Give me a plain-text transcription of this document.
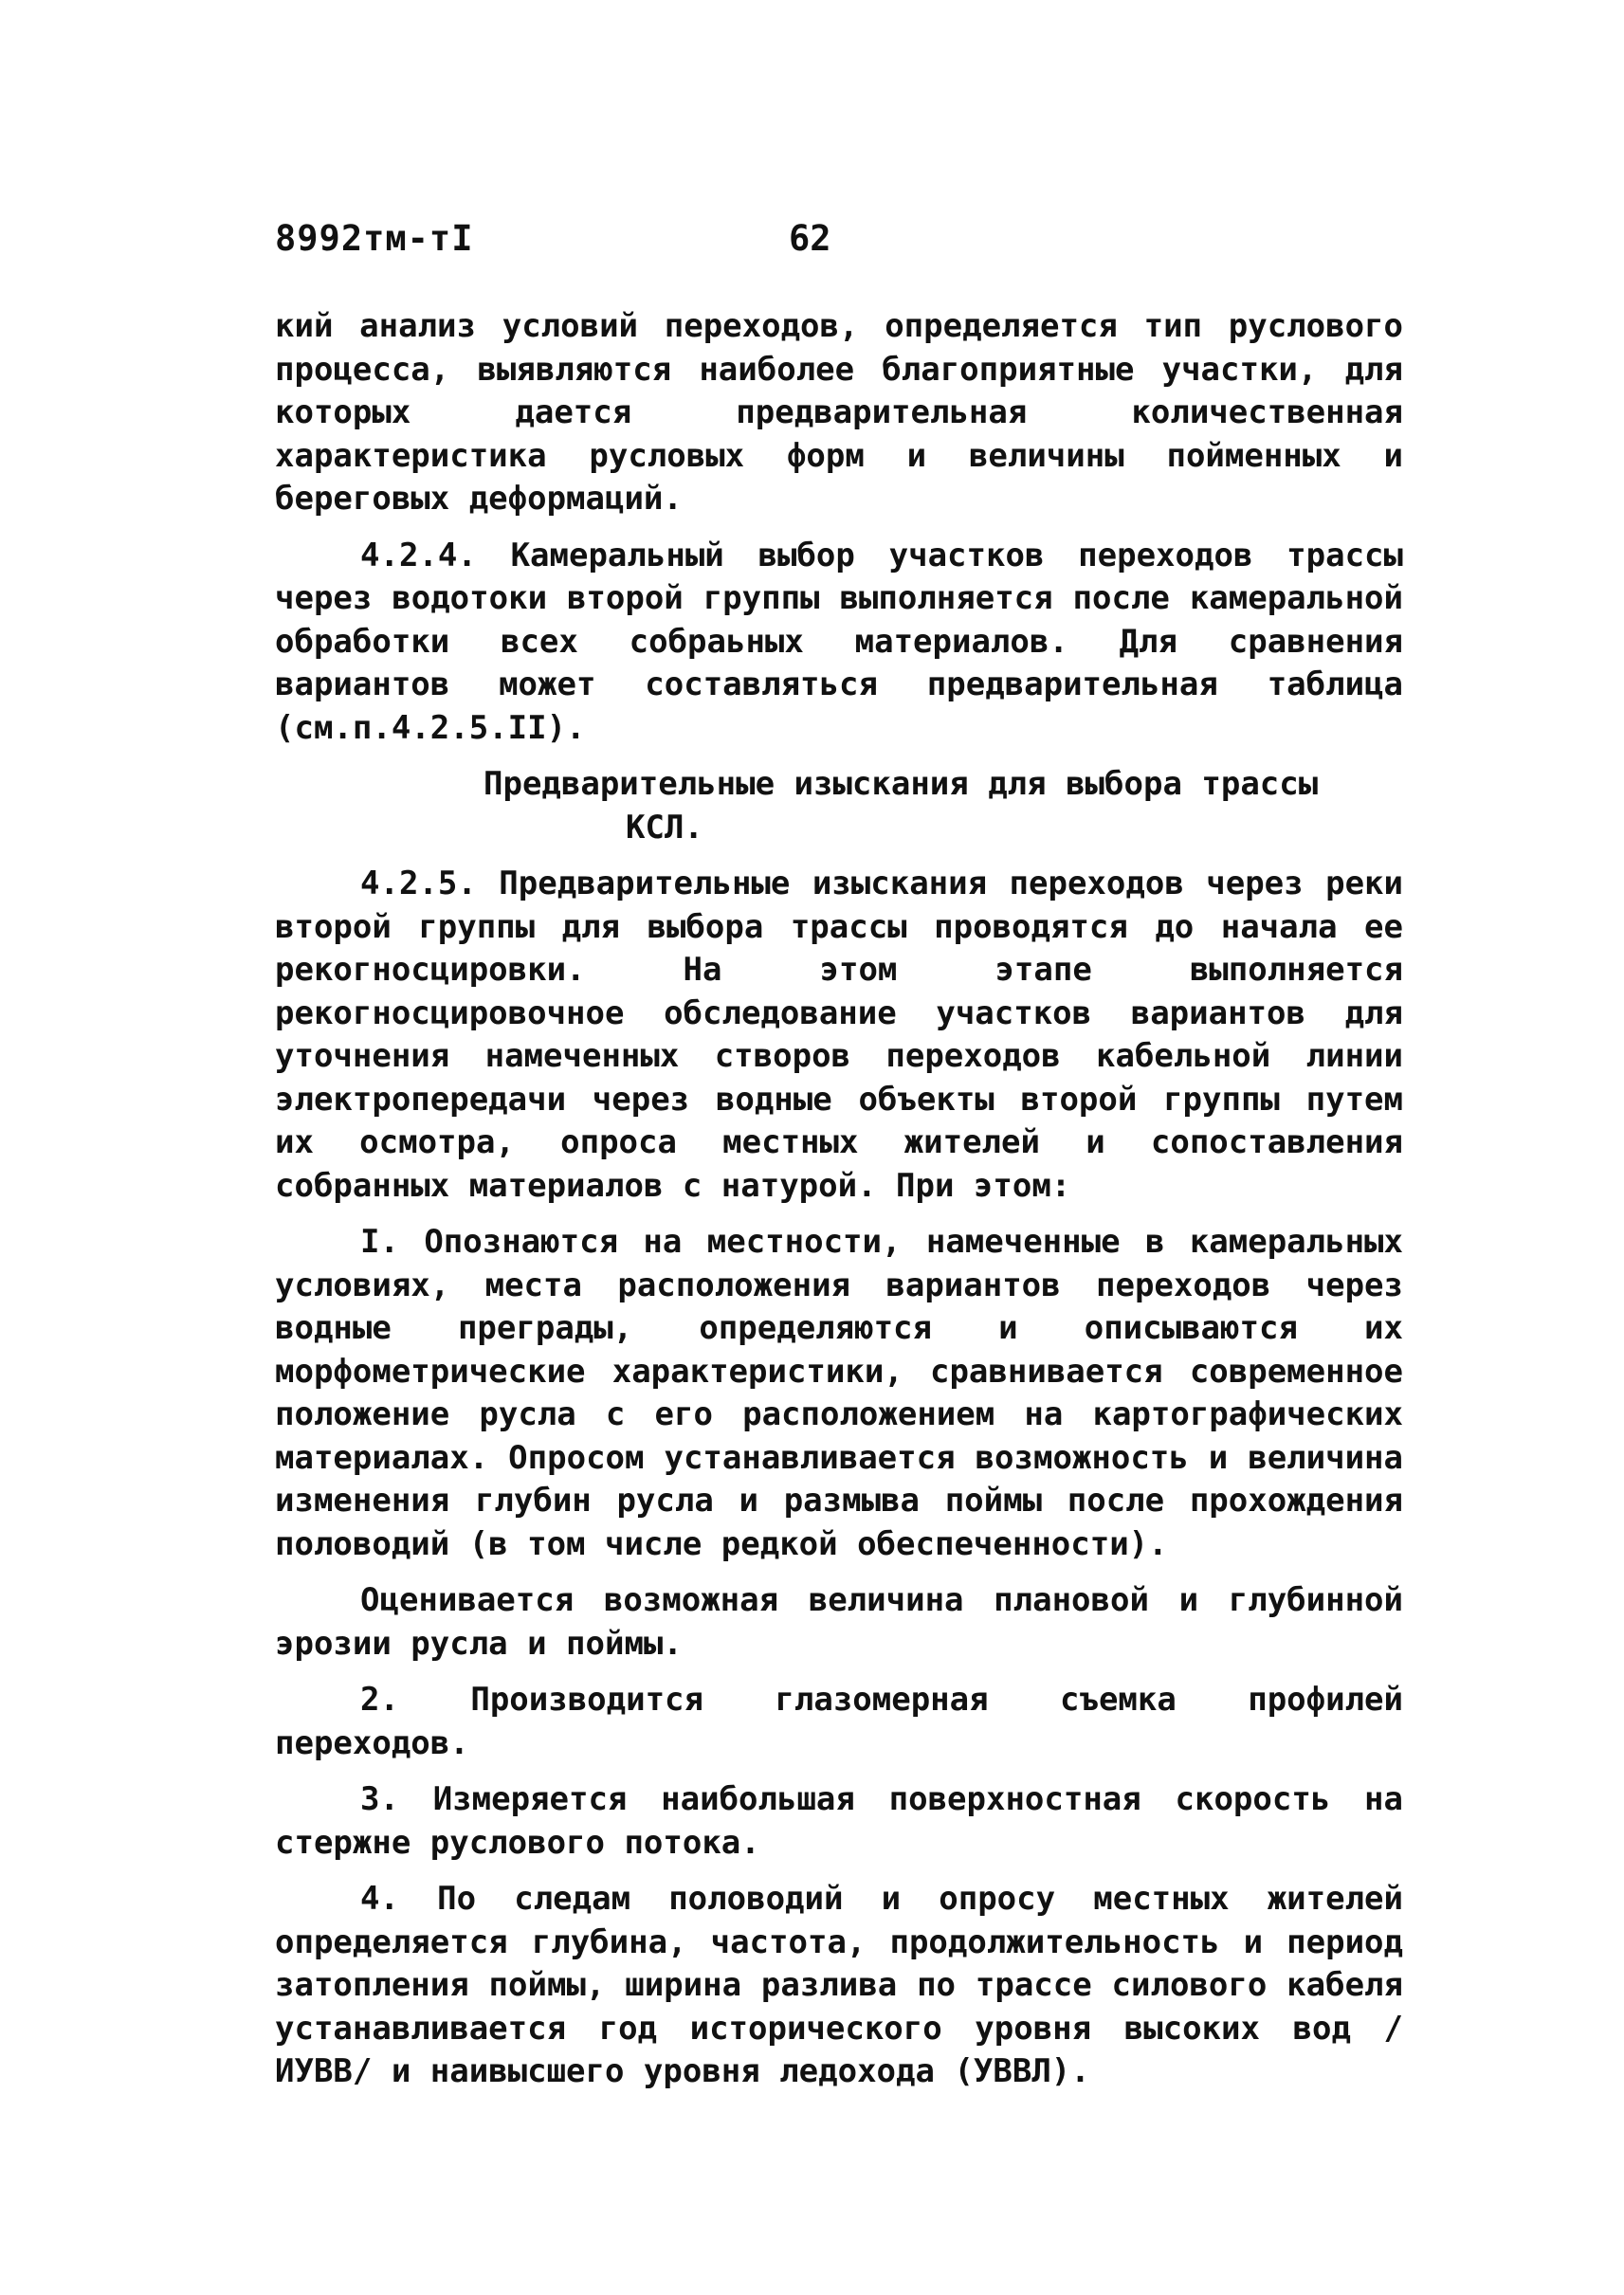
8992тм-тI	62

кий анализ условий переходов, определяется тип руслового процесса, выявляются наиболее благоприятные участки, для которых дается предварительная количественная характеристика русловых форм и величины пойменных и береговых деформаций.

4.2.4. Камеральный выбор участков переходов трассы через водотоки второй группы выполняется после камеральной обработки всех собраьных материалов. Для сравнения вариантов может составляться предварительная таблица (см.п.4.2.5.II).

Предварительные изыскания для выбора трассы
КСЛ.

4.2.5. Предварительные изыскания переходов через реки второй группы для выбора трассы проводятся до начала ее рекогносцировки. На этом этапе выполняется рекогносцировочное обследование участков вариантов для уточнения намеченных створов переходов кабельной линии электропередачи через водные объекты второй группы путем их осмотра, опроса местных жителей и сопоставления собранных материалов с натурой. При этом:

I. Опознаются на местности, намеченные в камеральных условиях, места расположения вариантов переходов через водные преграды, определяются и описываются их морфометрические характеристики, сравнивается современное положение русла с его расположением на картографических материалах. Опросом устанавливается возможность и величина изменения глубин русла и размыва поймы после прохождения половодий (в том числе редкой обеспеченности).

Оценивается возможная величина плановой и глубинной эрозии русла и поймы.

2. Производится глазомерная съемка профилей переходов.

3. Измеряется наибольшая поверхностная скорость на стержне руслового потока.

4. По следам половодий и опросу местных жителей определяется глубина, частота, продолжительность и период затопления поймы, ширина разлива по трассе силового кабеля устанавливается год исторического уровня высоких вод /ИУВВ/ и наивысшего уровня ледохода (УВВЛ).
